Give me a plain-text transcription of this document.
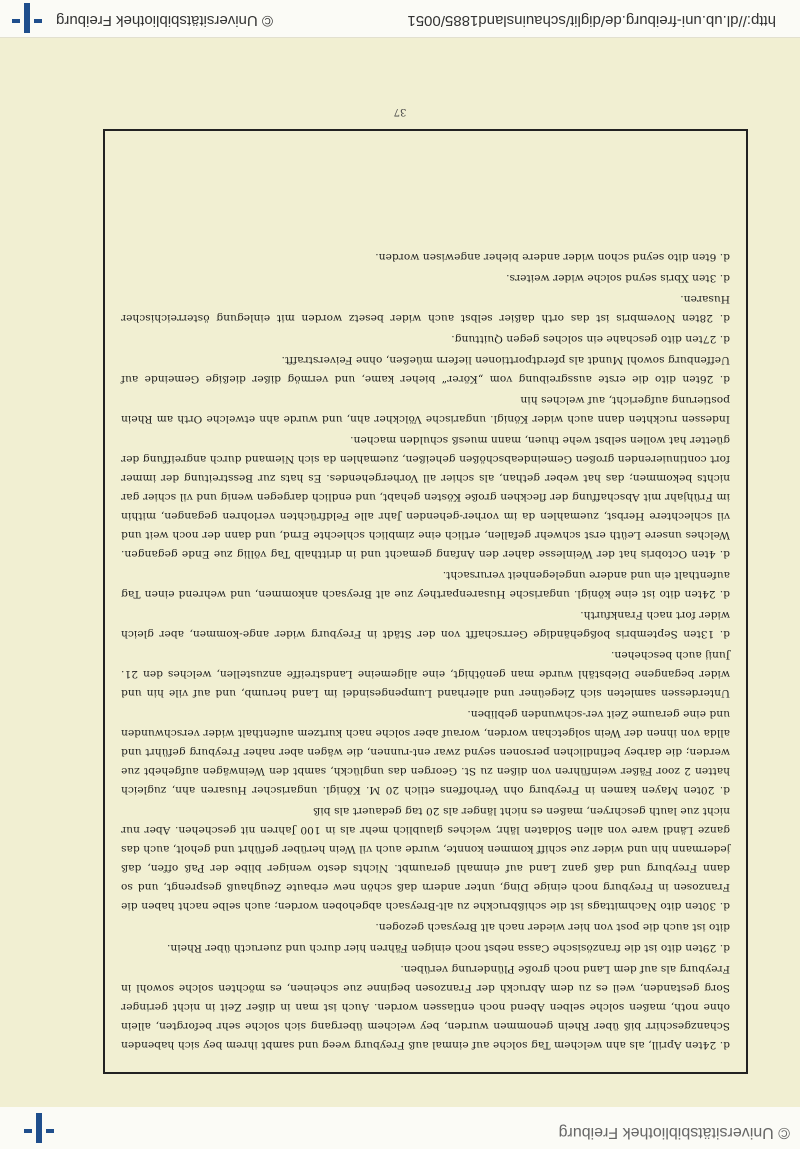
© Universitätsbibliothek Freiburg

d. 24ten Aprill, als ahn welchem Tag solche auf einmal auß Freyburg weeg und sambt ihrem bey sich habenden Schanzgeschirr biß über Rhein genommen wurden, bey welchem übergang sich solche sehr beforgten, allein ohne noth, maßen solche selben Abend noch entlassen worden. Auch ist man in dißer Zeit in nicht geringer Sorg gestanden, weil es zu dem Abruckh der Franzosen beginne zue scheinen, es möchten solche sowohl in Freyburg als auf dem Land noch große Plünderung verüben.

d. 29ten dito ist die französische Cassa nebst noch einigen Fähren hier durch und zueructh über Rhein.

dito ist auch die post von hier wieder nach alt Breysach gezogen.

d. 30ten dito Nachmittags ist die schißbruckhe zu alt-Breysach abgehoben worden; auch selbe nacht haben die Franzosen in Freyburg noch einige Ding, unter andern daß schön new erbaute Zeughauß gesprengt, und so dann Freyburg und daß ganz Land auf einmahl geraumbt. Nichts desto weniger blibe der Paß offen, daß jedermann hin und wider zue schiff kommen konnte, wurde auch vil Wein herüber geführt und geholt, auch das ganze Ländl ware von allen Soldaten lähr, welches glaublich mehr als in 100 Jahren nit geschehen. Aber nur nicht zue lauth geschryen, maßen es nicht länger als 20 tag gedauert als biß

d. 20ten Mayen kamen in Freyburg ohn Verhoffens etlich 20 M. Königl. ungarischer Husaren ahn, zugleich hatten 2 zoor Fäßer weinführen von dißen zu St. Georgen das unglückh, sambt den Weinwägen aufgehebt zue werden; die darbey befindlichen personen seynd zwar ent-runnen, die wägen aber naher Freyburg geführt und allda von ihnen der Wein solgetchan worden, worauf aber solche nach kurtzem aufenthalt wider verschwunden und eine geraume Zeit ver-schwunden gebliben.

Unterdessen samleten sich Ziegeüner und allerhand Lumpengesindel im Land herumb, und auf vile hin und wider begangene Diebstähl wurde man genöthigt, eine allgemeine Landstreiffe anzustellen, welches den 21. Junij auch beschehen.

d. 13ten Septembris boßgehändige Gerrschafft von der Städt in Freyburg wider ange-kommen, aber gleich wider fort nach Frankfurth.

d. 24ten dito ist eine königl. ungarische Husarenparthey zue alt Breysach ankommen, und wehrend einen Tag aufenthalt ein und andere ungelegenheit verursacht.

d. 4ten Octobris hat der Weinlesse daher den Anfang gemacht und in dritthalb Tag völlig zue Ende gegangen. Welches unsere Leüth erst schwehr gefallen, ertlich eine zimblich schlechte Ernd, und dann der noch weit und vil schlechtere Herbst, zuemahlen da im vorher-gehenden Jahr alle Feldfrüchten verlohren gegangen, mithin im Frühjahr mit Abschaffung der fleckhen große Kösten gehabt, und endlich dargegen wenig und vil schier gar nichts bekommen; das hat weber gethan, als schier all Vorhergehendes. Es hats zur Besstreitung der immer fort continuierenden großen Gemeindeabschößen geheißen, zuemahlen da sich Niemand durch angreiffung der güetter hat wollen selbst wehe thuen, mann muesß schulden machen.

Indessen ruckhten dann auch wider Königl. ungarische Völckher ahn, und wurde ahn etwelche Orth am Rhein postierung aufgericht, auf welches hin

d. 26ten dito die erste aussgreibung vom „Körer“ bieher kame, und vermög dißer dießige Gemeinde auf Ueffenburg sowohl Mundt als pferdtporttionen liefern müeßen, ohne Feiverstrafft.

d. 27ten dito geschahe ein solches gegen Quittung.

d. 28ten Novembris ist das orth daßier selbst auch wider besetz worden mit einlegung österreichischer Husaren.

d. 3ten Xbris seynd solche wider weiters.

d. 6ten dito seynd schon wider andere bieher angewisen worden.

37
http://dl.ub.uni-freiburg.de/diglit/schauinsland1885/0051
© Universitätsbibliothek Freiburg
